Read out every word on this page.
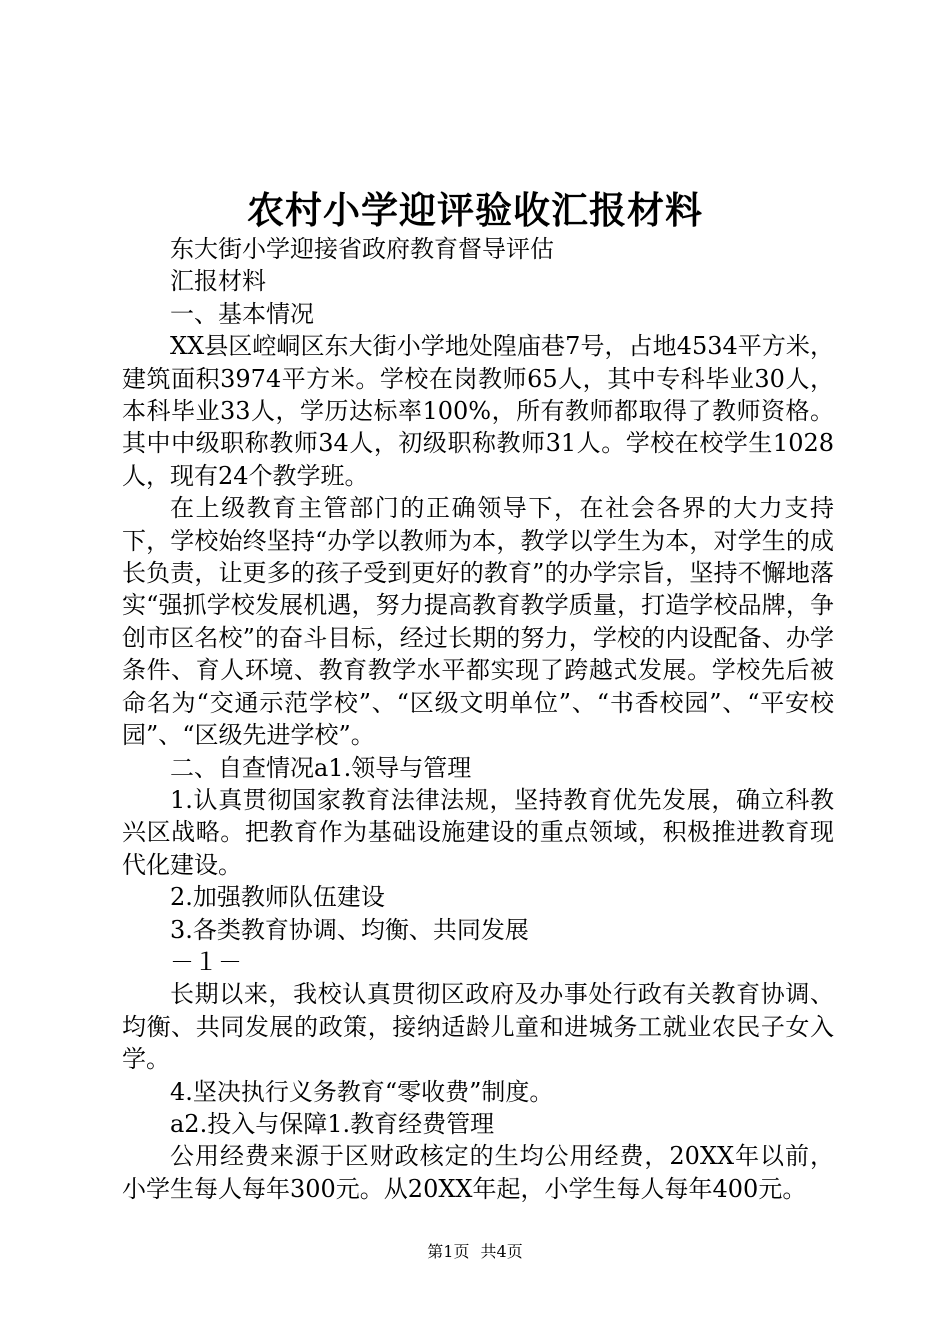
农村小学迎评验收汇报材料

东大街小学迎接省政府教育督导评估

汇报材料

一、基本情况

XX县区崆峒区东大街小学地处隍庙巷7号，占地4534平方米，建筑面积3974平方米。学校在岗教师65人，其中专科毕业30人，本科毕业33人，学历达标率100%，所有教师都取得了教师资格。其中中级职称教师34人，初级职称教师31人。学校在校学生1028人，现有24个教学班。

在上级教育主管部门的正确领导下，在社会各界的大力支持下，学校始终坚持“办学以教师为本，教学以学生为本，对学生的成长负责，让更多的孩子受到更好的教育”的办学宗旨，坚持不懈地落实“强抓学校发展机遇，努力提高教育教学质量，打造学校品牌，争创市区名校”的奋斗目标，经过长期的努力，学校的内设配备、办学条件、育人环境、教育教学水平都实现了跨越式发展。学校先后被命名为“交通示范学校”、“区级文明单位”、“书香校园”、“平安校园”、“区级先进学校”。

二、自查情况a1.领导与管理

1.认真贯彻国家教育法律法规，坚持教育优先发展，确立科教兴区战略。把教育作为基础设施建设的重点领域，积极推进教育现代化建设。

2.加强教师队伍建设

3.各类教育协调、均衡、共同发展

－１－

长期以来，我校认真贯彻区政府及办事处行政有关教育协调、均衡、共同发展的政策，接纳适龄儿童和进城务工就业农民子女入学。

4.坚决执行义务教育“零收费”制度。

a2.投入与保障1.教育经费管理

公用经费来源于区财政核定的生均公用经费，20XX年以前，小学生每人每年300元。从20XX年起，小学生每人每年400元。

第1页 共4页
